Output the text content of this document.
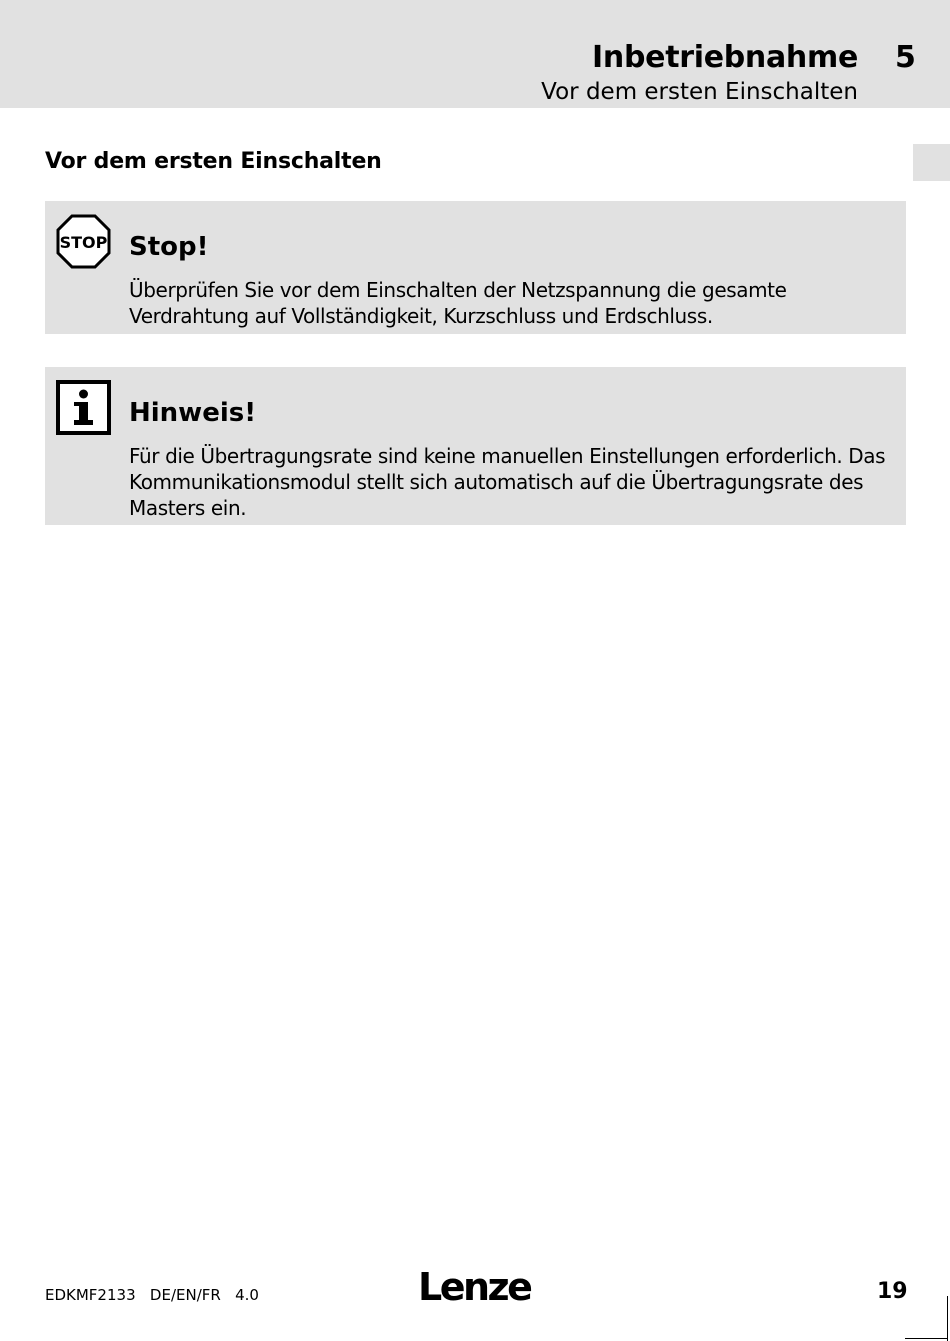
Inbetriebnahme 5
Vor dem ersten Einschalten
Vor dem ersten Einschalten
STOP Stop!
Überprüfen Sie vor dem Einschalten der Netzspannung die gesamte Verdrahtung auf Vollständigkeit, Kurzschluss und Erdschluss.
Hinweis!
Für die Übertragungsrate sind keine manuellen Einstellungen erforderlich. Das Kommunikationsmodul stellt sich automatisch auf die Übertragungsrate des Masters ein.
EDKMF2133   DE/EN/FR   4.0	Lenze	19
